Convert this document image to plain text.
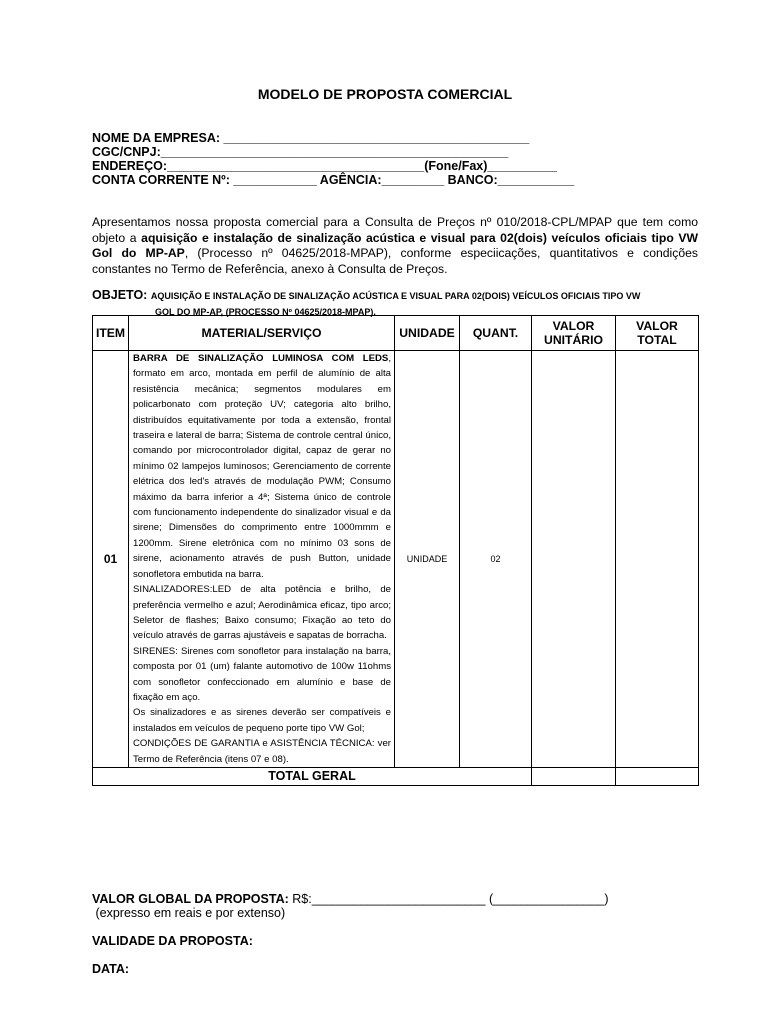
MODELO DE PROPOSTA COMERCIAL
NOME DA EMPRESA: ____________________________________________
CGC/CNPJ:__________________________________________________
ENDEREÇO:_____________________________________(Fone/Fax)__________
CONTA CORRENTE Nº: ____________ AGÊNCIA:_________ BANCO:___________
Apresentamos nossa proposta comercial para a Consulta de Preços nº 010/2018-CPL/MPAP que tem como objeto a aquisição e instalação de sinalização acústica e visual para 02(dois) veículos oficiais tipo VW Gol do MP-AP, (Processo nº 04625/2018-MPAP), conforme especiicações, quantitativos e condições constantes no Termo de Referência, anexo à Consulta de Preços.
OBJETO: AQUISIÇÃO E INSTALAÇÃO DE SINALIZAÇÃO ACÚSTICA E VISUAL PARA 02(DOIS) VEÍCULOS OFICIAIS TIPO VW
GOL DO MP-AP, (PROCESSO Nº 04625/2018-MPAP).
ITEM	MATERIAL/SERVIÇO	UNIDADE	QUANT.	VALOR UNITÁRIO	VALOR TOTAL
01	BARRA DE SINALIZAÇÃO LUMINOSA COM LEDS, formato em arco, montada em perfil de alumínio de alta resistência mecânica; segmentos modulares em policarbonato com proteção UV; categoria alto brilho, distribuídos equitativamente por toda a extensão, frontal traseira e lateral de barra; Sistema de controle central único, comando por microcontrolador digital, capaz de gerar no mínimo 02 lampejos luminosos; Gerenciamento de corrente elétrica dos led's através de modulação PWM; Consumo máximo da barra inferior a 4ª; Sistema único de controle com funcionamento independente do sinalizador visual e da sirene; Dimensões do comprimento entre 1000mmm e 1200mm. Sirene eletrônica com no mínimo 03 sons de sirene, acionamento através de push Button, unidade sonofletora embutida na barra.
SINALIZADORES:LED de alta potência e brilho, de preferência vermelho e azul; Aerodinâmica eficaz, tipo arco; Seletor de flashes; Baixo consumo; Fixação ao teto do veículo através de garras ajustáveis e sapatas de borracha.
SIRENES: Sirenes com sonofletor para instalação na barra, composta por 01 (um) falante automotivo de 100w 11ohms com sonofletor confeccionado em alumínio e base de fixação em aço.
Os sinalizadores e as sirenes deverão ser compatíveis e instalados em veículos de pequeno porte tipo VW Gol;
CONDIÇÕES DE GARANTIA e ASISTÊNCIA TÉCNICA: ver Termo de Referência (itens 07 e 08).	UNIDADE	02		
TOTAL GERAL					
VALOR GLOBAL DA PROPOSTA: R$:_________________________ (________________)
(expresso em reais e por extenso)
VALIDADE DA PROPOSTA:
DATA:
